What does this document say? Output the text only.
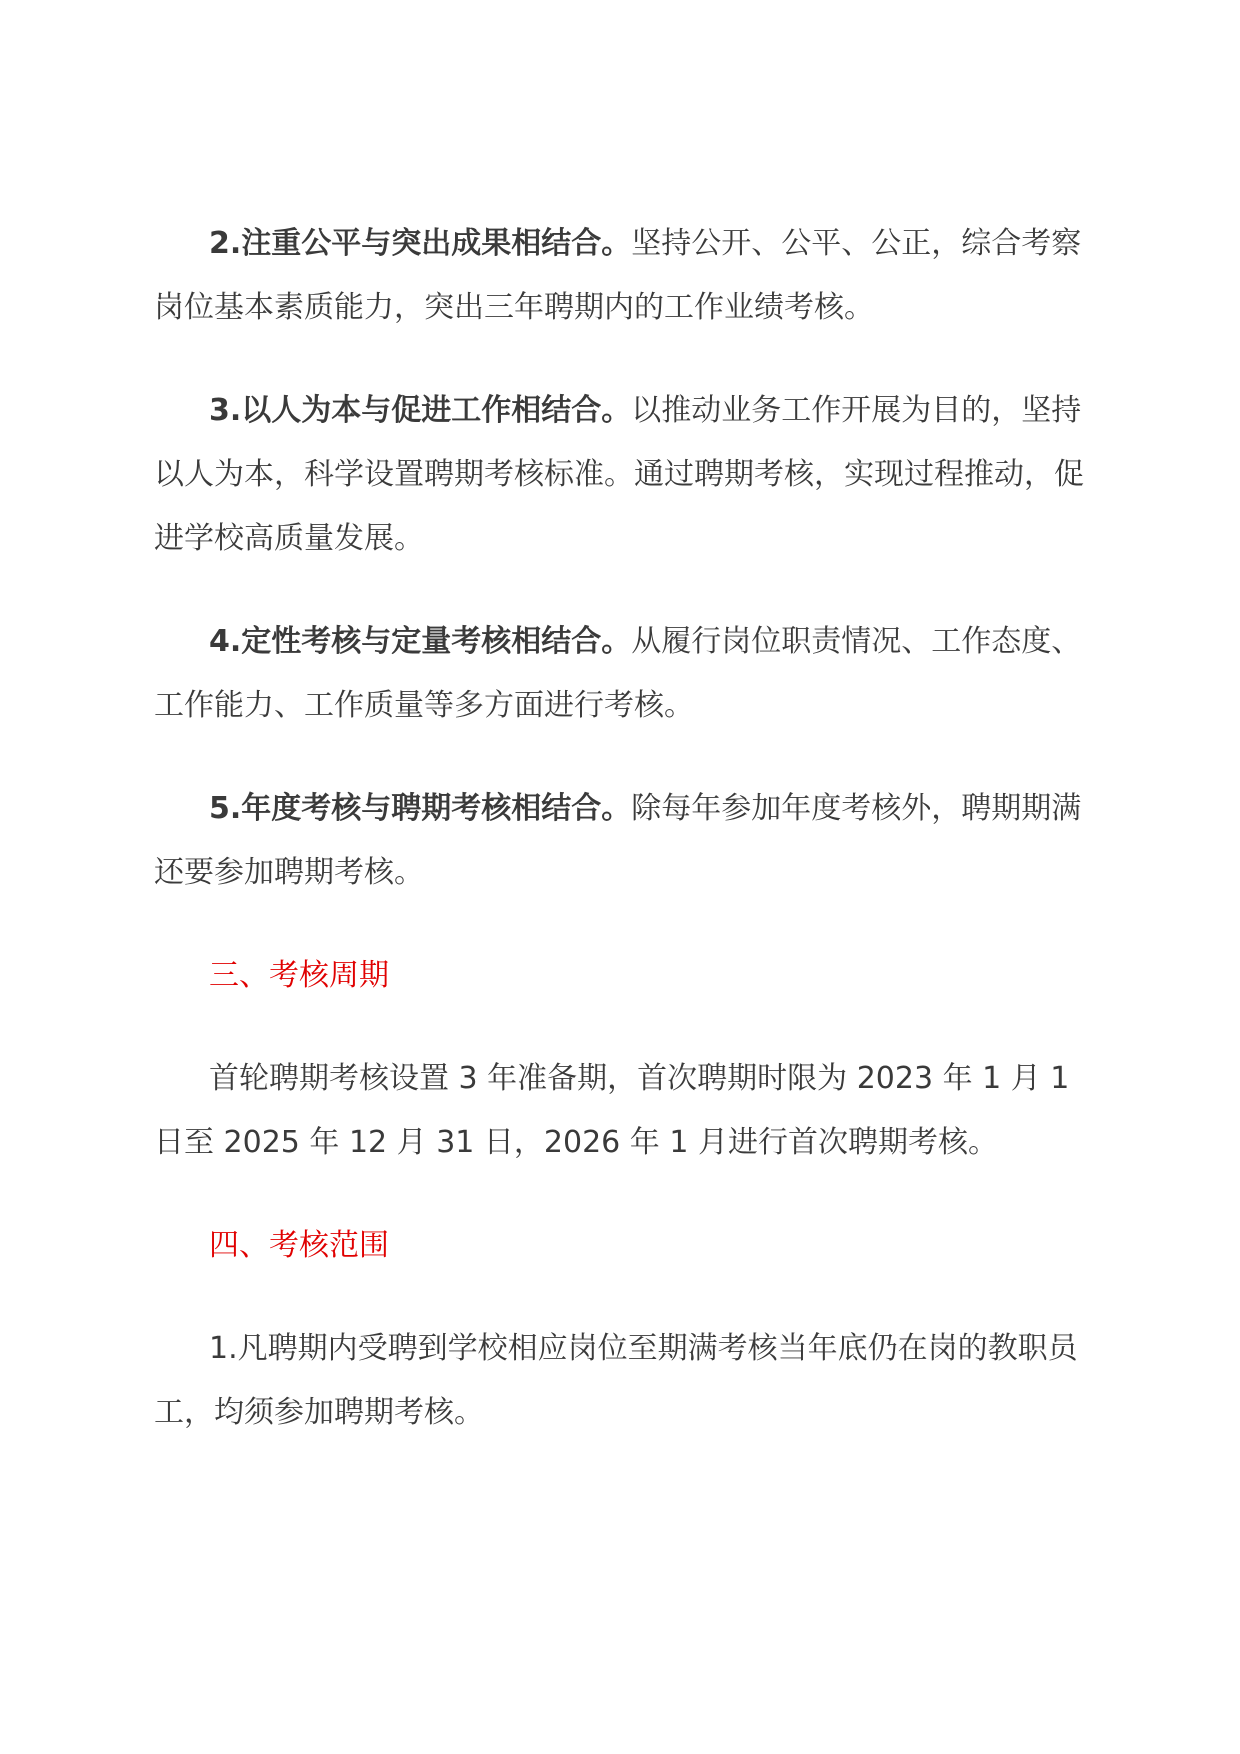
2.注重公平与突出成果相结合。坚持公开、公平、公正，综合考察岗位基本素质能力，突出三年聘期内的工作业绩考核。

3.以人为本与促进工作相结合。以推动业务工作开展为目的，坚持以人为本，科学设置聘期考核标准。通过聘期考核，实现过程推动，促进学校高质量发展。

4.定性考核与定量考核相结合。从履行岗位职责情况、工作态度、工作能力、工作质量等多方面进行考核。

5.年度考核与聘期考核相结合。除每年参加年度考核外，聘期期满还要参加聘期考核。

三、考核周期

首轮聘期考核设置 3 年准备期，首次聘期时限为 2023 年 1 月 1 日至 2025 年 12 月 31 日，2026 年 1 月进行首次聘期考核。

四、考核范围

1.凡聘期内受聘到学校相应岗位至期满考核当年底仍在岗的教职员工，均须参加聘期考核。
